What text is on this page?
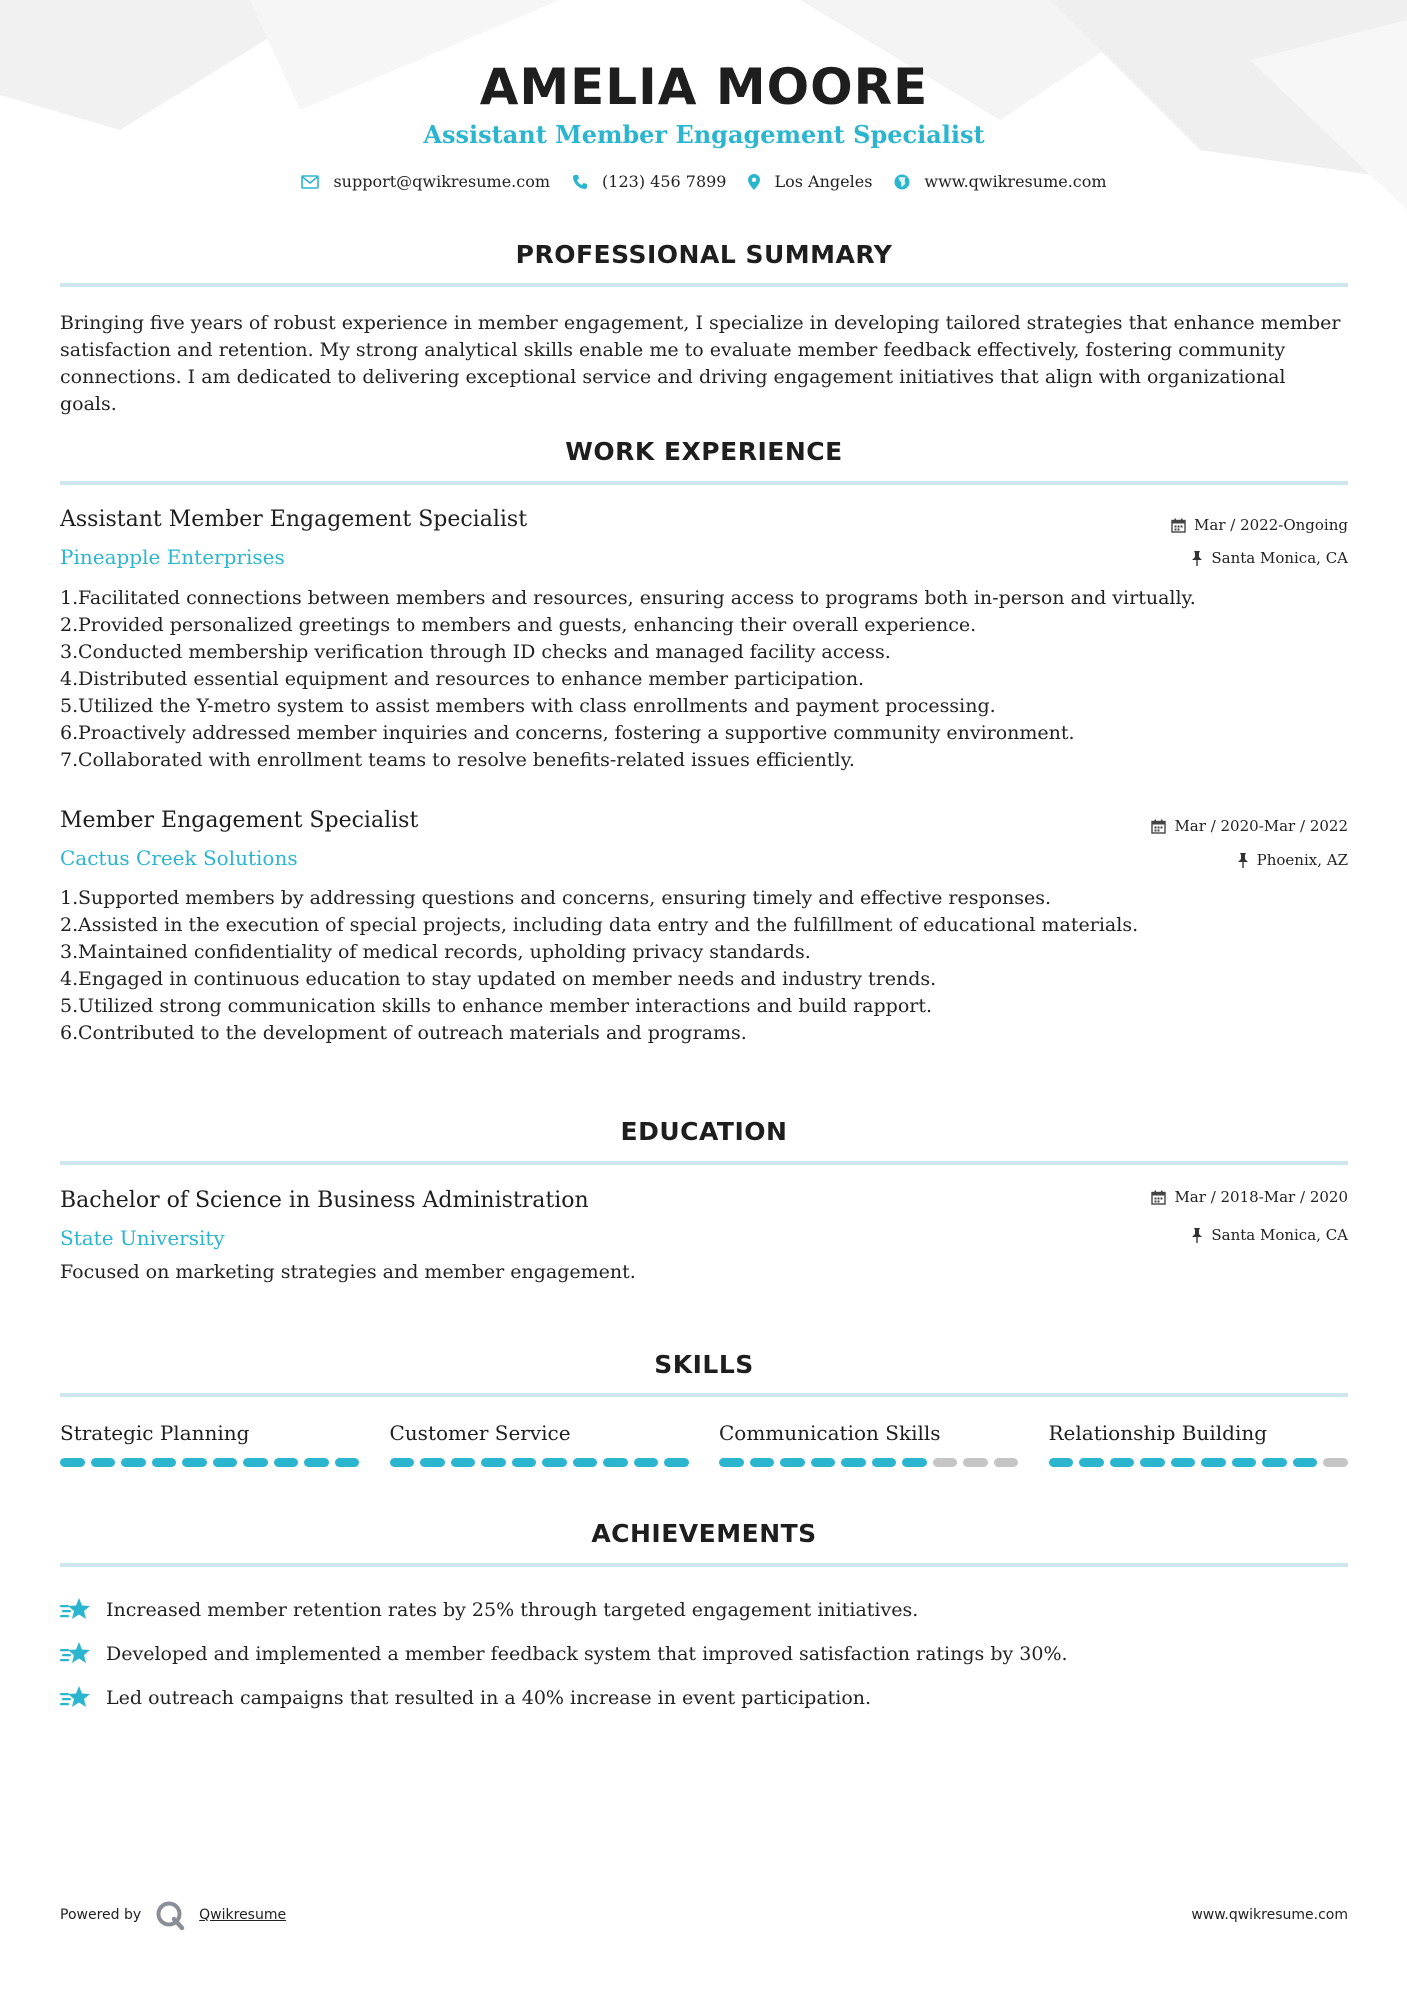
AMELIA MOORE
Assistant Member Engagement Specialist
support@qwikresume.com	(123) 456 7899	Los Angeles	www.qwikresume.com
PROFESSIONAL SUMMARY

Bringing five years of robust experience in member engagement, I specialize in developing tailored strategies that enhance member satisfaction and retention. My strong analytical skills enable me to evaluate member feedback effectively, fostering community connections. I am dedicated to delivering exceptional service and driving engagement initiatives that align with organizational goals.

WORK EXPERIENCE

Assistant Member Engagement Specialist

Pineapple Enterprises

Mar / 2022-Ongoing
Santa Monica, CA
1. Facilitated connections between members and resources, ensuring access to programs both in-person and virtually.
2. Provided personalized greetings to members and guests, enhancing their overall experience.
3. Conducted membership verification through ID checks and managed facility access.
4. Distributed essential equipment and resources to enhance member participation.
5. Utilized the Y-metro system to assist members with class enrollments and payment processing.
6. Proactively addressed member inquiries and concerns, fostering a supportive community environment.
7. Collaborated with enrollment teams to resolve benefits-related issues efficiently.

Member Engagement Specialist

Cactus Creek Solutions

Mar / 2020-Mar / 2022
Phoenix, AZ
1. Supported members by addressing questions and concerns, ensuring timely and effective responses.
2. Assisted in the execution of special projects, including data entry and the fulfillment of educational materials.
3. Maintained confidentiality of medical records, upholding privacy standards.
4. Engaged in continuous education to stay updated on member needs and industry trends.
5. Utilized strong communication skills to enhance member interactions and build rapport.
6. Contributed to the development of outreach materials and programs.
EDUCATION

Bachelor of Science in Business Administration

State University

Mar / 2018-Mar / 2020
Santa Monica, CA

Focused on marketing strategies and member engagement.

SKILLS
Strategic Planning	Customer Service	Communication Skills	Relationship Building
ACHIEVEMENTS
Increased member retention rates by 25% through targeted engagement initiatives.
Developed and implemented a member feedback system that improved satisfaction ratings by 30%.
Led outreach campaigns that resulted in a 40% increase in event participation.
Powered by	Qwikresume	www.qwikresume.com
